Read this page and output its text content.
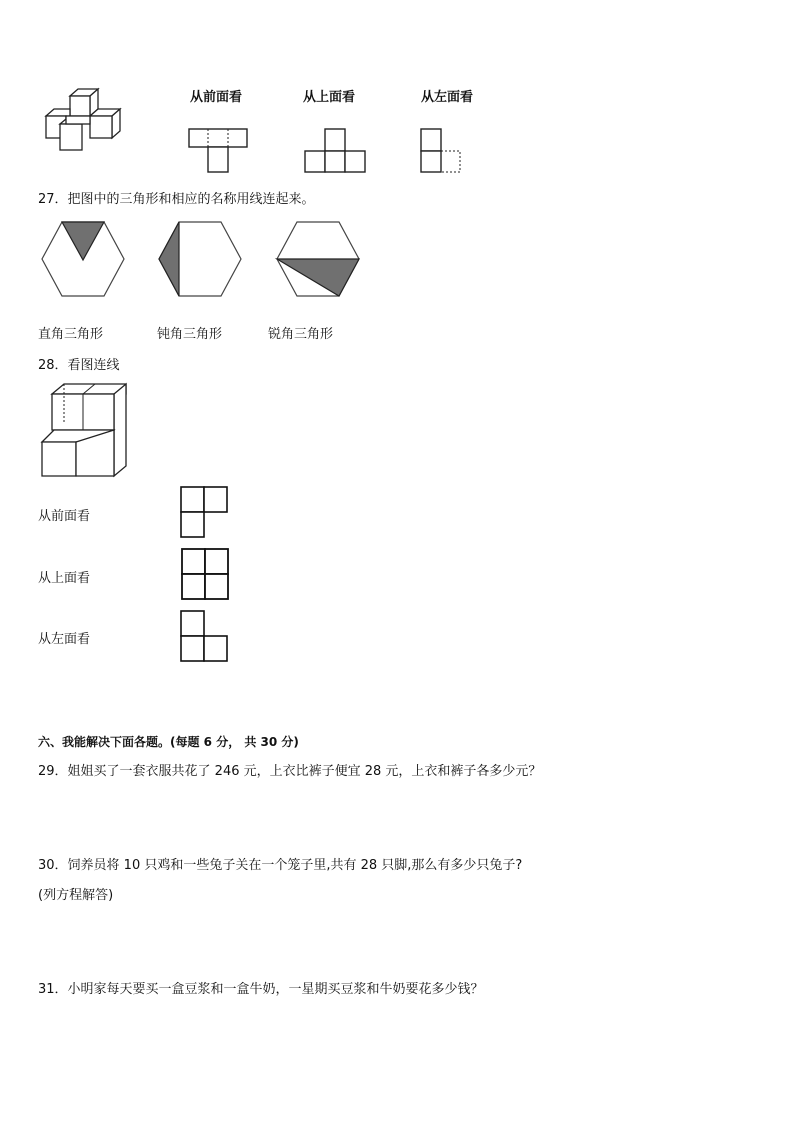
从前面看	从上面看	从左面看
27．把图中的三角形和相应的名称用线连起来。
直角三角形	钝角三角形	锐角三角形
28．看图连线
从前面看
从上面看
从左面看
六、我能解决下面各题。(每题 6 分， 共 30 分)
29．姐姐买了一套衣服共花了 246 元，上衣比裤子便宜 28 元，上衣和裤子各多少元？
30．饲养员将 10 只鸡和一些兔子关在一个笼子里,共有 28 只脚,那么有多少只兔子?
(列方程解答)
31．小明家每天要买一盒豆浆和一盒牛奶，一星期买豆浆和牛奶要花多少钱？
